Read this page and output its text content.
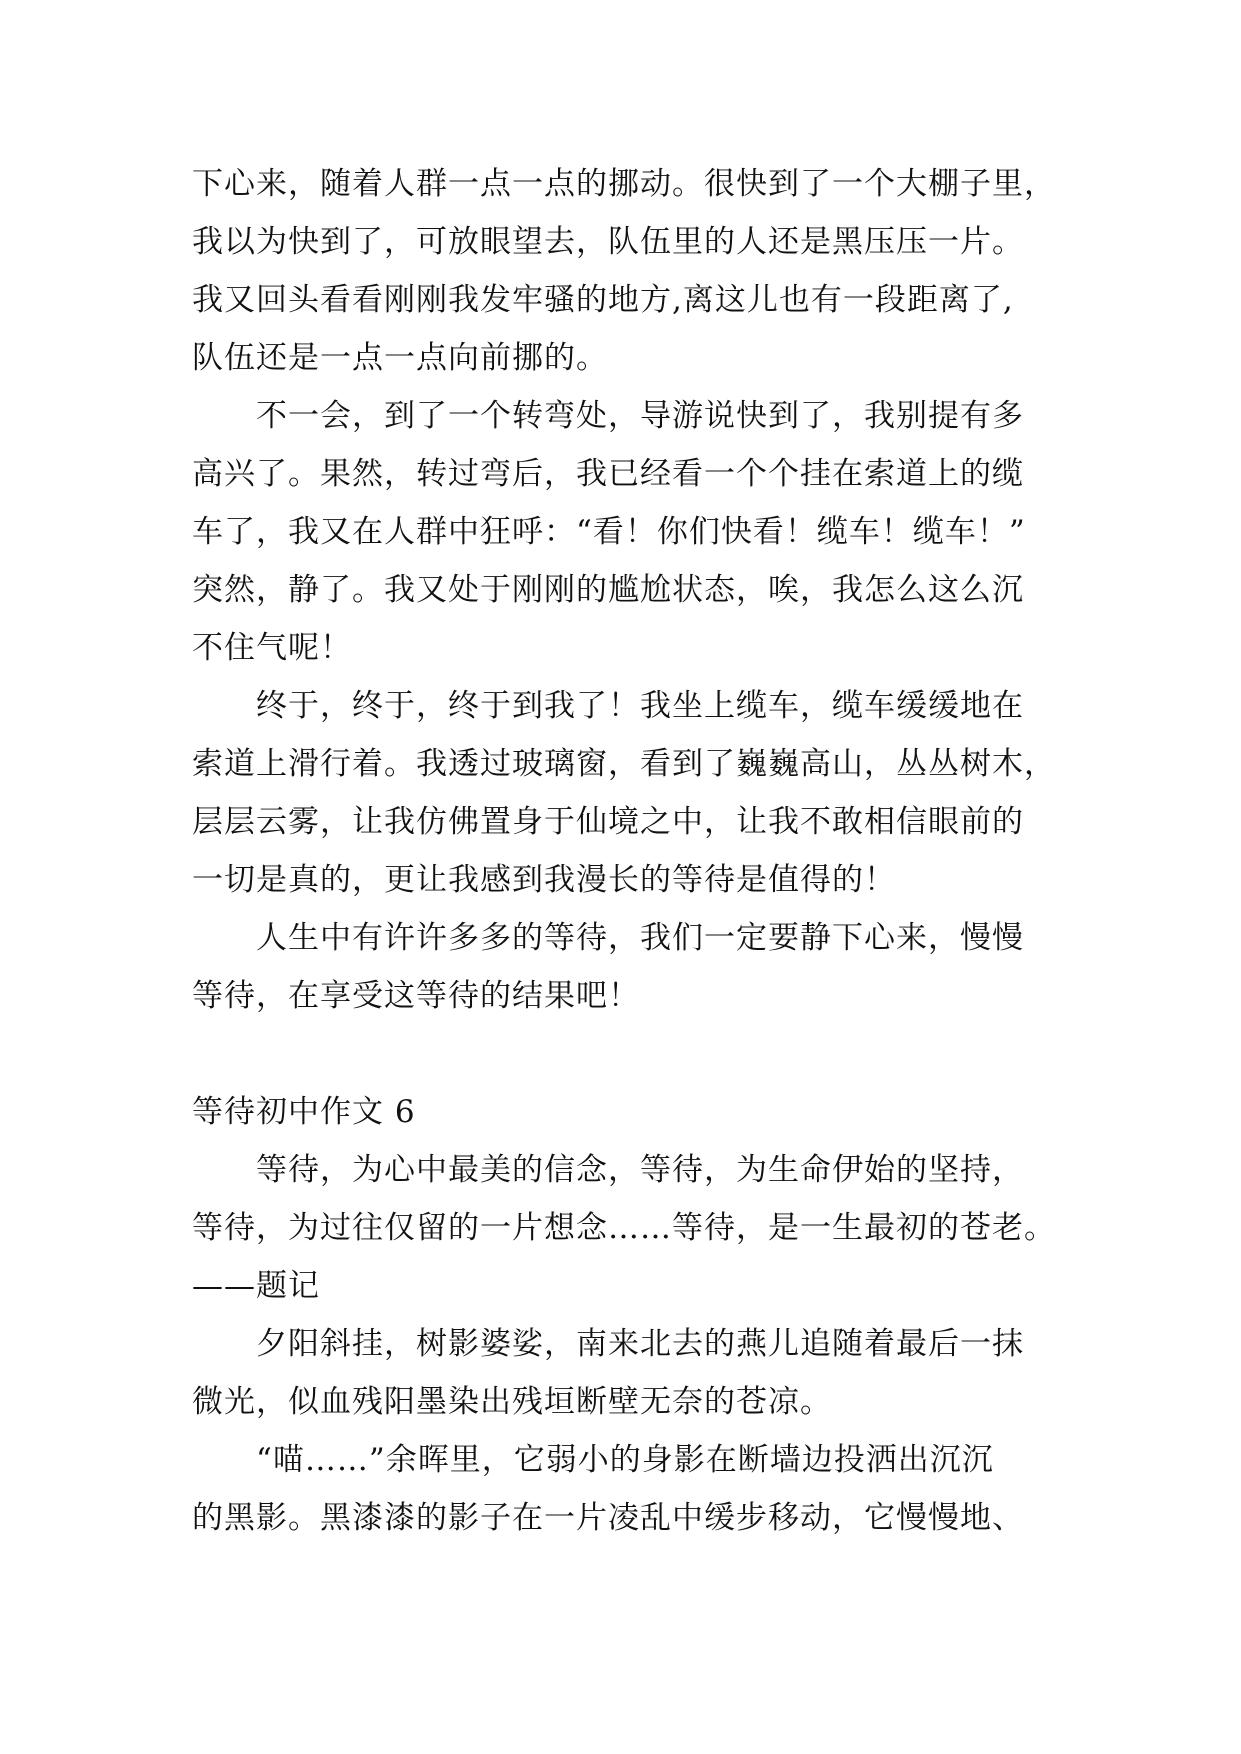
下心来，随着人群一点一点的挪动。很快到了一个大棚子里，
我以为快到了，可放眼望去，队伍里的人还是黑压压一片。
我又回头看看刚刚我发牢骚的地方,离这儿也有一段距离了,
队伍还是一点一点向前挪的。
　　不一会，到了一个转弯处，导游说快到了，我别提有多
高兴了。果然，转过弯后，我已经看一个个挂在索道上的缆
车了，我又在人群中狂呼：“看！你们快看！缆车！缆车！”
突然，静了。我又处于刚刚的尴尬状态，唉，我怎么这么沉
不住气呢！
　　终于，终于，终于到我了！我坐上缆车，缆车缓缓地在
索道上滑行着。我透过玻璃窗，看到了巍巍高山，丛丛树木，
层层云雾，让我仿佛置身于仙境之中，让我不敢相信眼前的
一切是真的，更让我感到我漫长的等待是值得的！
　　人生中有许许多多的等待，我们一定要静下心来，慢慢
等待，在享受这等待的结果吧！
等待初中作文 6
　　等待，为心中最美的信念，等待，为生命伊始的坚持，
等待，为过往仅留的一片想念……等待，是一生最初的苍老。
——题记
　　夕阳斜挂，树影婆娑，南来北去的燕儿追随着最后一抹
微光，似血残阳墨染出残垣断壁无奈的苍凉。
　　“喵……”余晖里，它弱小的身影在断墙边投洒出沉沉
的黑影。黑漆漆的影子在一片凌乱中缓步移动，它慢慢地、
